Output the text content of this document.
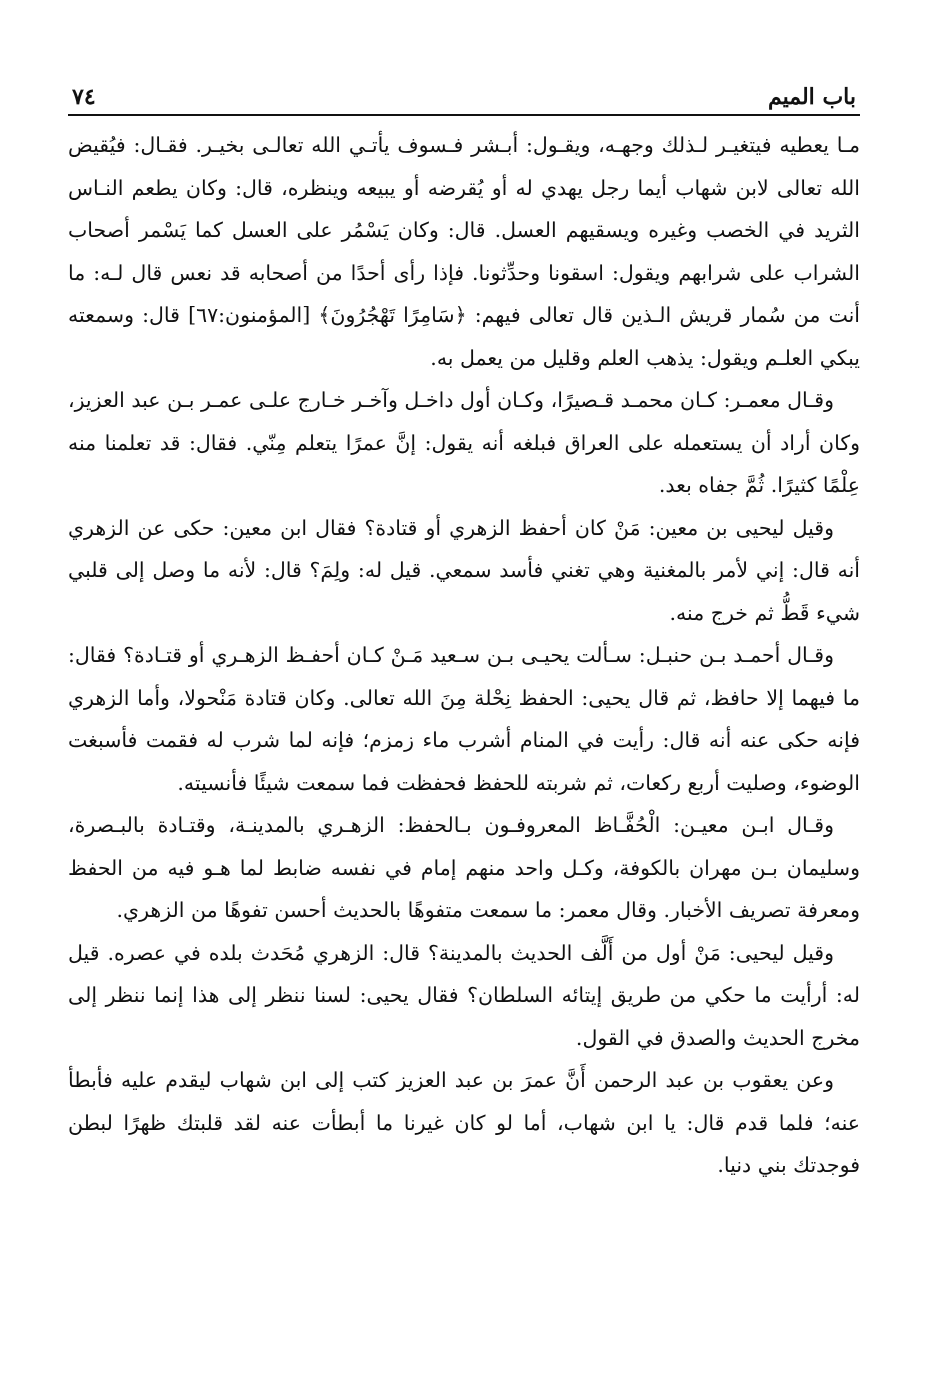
باب الميم
٧٤

مـا يعطيه فيتغيـر لـذلك وجهـه، ويقـول: أبـشر فـسوف يأتـي الله تعالـى بخيـر. فقـال: فيُقيض الله تعالى لابن شهاب أيما رجل يهدي له أو يُقرضه أو يبيعه وينظره، قال: وكان يطعم النـاس الثريد في الخصب وغيره ويسقيهم العسل. قال: وكان يَسْمُر على العسل كما يَسْمر أصحاب الشراب على شرابهم ويقول: اسقونا وحدِّثونا. فإذا رأى أحدًا من أصحابه قد نعس قال لـه: ما أنت من سُمار قريش الـذين قال تعالى فيهم: ﴿سَامِرًا تَهْجُرُونَ﴾ [المؤمنون:٦٧] قال: وسمعته يبكي العلـم ويقول: يذهب العلم وقليل من يعمل به.

وقـال معمـر: كـان محمـد قـصيرًا، وكـان أول داخـل وآخـر خـارج علـى عمـر بـن عبد العزيز، وكان أراد أن يستعمله على العراق فبلغه أنه يقول: إنَّ عمرًا يتعلم مِنّي. فقال: قد تعلمنا منه عِلْمًا كثيرًا. ثُمَّ جفاه بعد.

وقيل ليحيى بن معين: مَنْ كان أحفظ الزهري أو قتادة؟ فقال ابن معين: حكى عن الزهري أنه قال: إني لأمر بالمغنية وهي تغني فأسد سمعي. قيل له: ولِمَ؟ قال: لأنه ما وصل إلى قلبي شيء قَطُّ ثم خرج منه.

وقـال أحمـد بـن حنبـل: سـألت يحيـى بـن سـعيد مَـنْ كـان أحفـظ الزهـري أو قتـادة؟ فقال: ما فيهما إلا حافظ، ثم قال يحيى: الحفظ نِحْلة مِنَ الله تعالى. وكان قتادة مَنْحولا، وأما الزهري فإنه حكى عنه أنه قال: رأيت في المنام أشرب ماء زمزم؛ فإنه لما شرب له فقمت فأسبغت الوضوء، وصليت أربع ركعات، ثم شربته للحفظ فحفظت فما سمعت شيئًا فأنسيته.

وقـال ابـن معيـن: الْحُفَّـاظ المعروفـون بـالحفظ: الزهـري بالمدينـة، وقتـادة بالبـصرة، وسليمان بـن مهران بالكوفة، وكـل واحد منهم إمام في نفسه ضابط لما هـو فيه من الحفظ ومعرفة تصريف الأخبار. وقال معمر: ما سمعت متفوهًا بالحديث أحسن تفوهًا من الزهري.

وقيل ليحيى: مَنْ أول من أَلَّف الحديث بالمدينة؟ قال: الزهري مُحَدث بلده في عصره. قيل له: أرأيت ما حكي من طريق إيتائه السلطان؟ فقال يحيى: لسنا ننظر إلى هذا إنما ننظر إلى مخرج الحديث والصدق في القول.

وعن يعقوب بن عبد الرحمن أَنَّ عمرَ بن عبد العزيز كتب إلى ابن شهاب ليقدم عليه فأبطأ عنه؛ فلما قدم قال: يا ابن شهاب، أما لو كان غيرنا ما أبطأت عنه لقد قلبتك ظهرًا لبطن فوجدتك بني دنيا.
